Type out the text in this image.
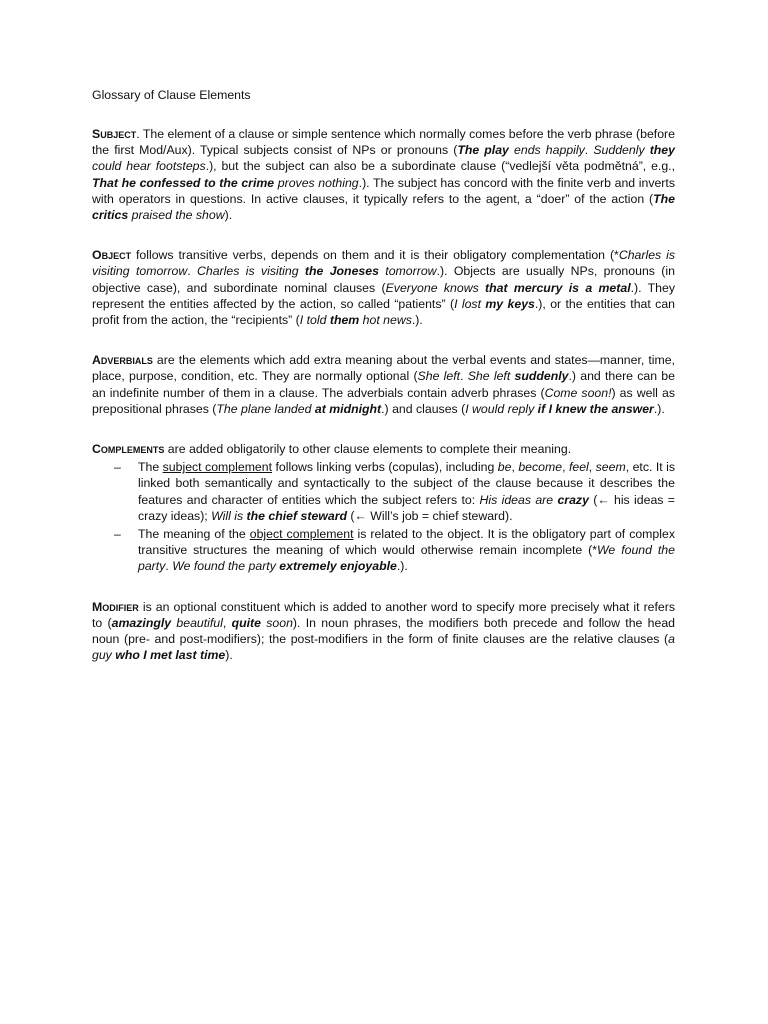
Glossary of Clause Elements

Subject. The element of a clause or simple sentence which normally comes before the verb phrase (before the first Mod/Aux). Typical subjects consist of NPs or pronouns (The play ends happily. Suddenly they could hear footsteps.), but the subject can also be a subordinate clause (“vedlejší věta podmětná”, e.g., That he confessed to the crime proves nothing.). The subject has concord with the finite verb and inverts with operators in questions. In active clauses, it typically refers to the agent, a “doer” of the action (The critics praised the show).

Object follows transitive verbs, depends on them and it is their obligatory complementation (*Charles is visiting tomorrow. Charles is visiting the Joneses tomorrow.). Objects are usually NPs, pronouns (in objective case), and subordinate nominal clauses (Everyone knows that mercury is a metal.). They represent the entities affected by the action, so called “patients” (I lost my keys.), or the entities that can profit from the action, the “recipients” (I told them hot news.).

Adverbials are the elements which add extra meaning about the verbal events and states—manner, time, place, purpose, condition, etc. They are normally optional (She left. She left suddenly.) and there can be an indefinite number of them in a clause. The adverbials contain adverb phrases (Come soon!) as well as prepositional phrases (The plane landed at midnight.) and clauses (I would reply if I knew the answer.).

Complements are added obligatorily to other clause elements to complete their meaning.
– The subject complement follows linking verbs (copulas), including be, become, feel, seem, etc. It is linked both semantically and syntactically to the subject of the clause because it describes the features and character of entities which the subject refers to: His ideas are crazy (← his ideas = crazy ideas); Will is the chief steward (← Will’s job = chief steward).
– The meaning of the object complement is related to the object. It is the obligatory part of complex transitive structures the meaning of which would otherwise remain incomplete (*We found the party. We found the party extremely enjoyable.).

Modifier is an optional constituent which is added to another word to specify more precisely what it refers to (amazingly beautiful, quite soon). In noun phrases, the modifiers both precede and follow the head noun (pre- and post-modifiers); the post-modifiers in the form of finite clauses are the relative clauses (a guy who I met last time).
